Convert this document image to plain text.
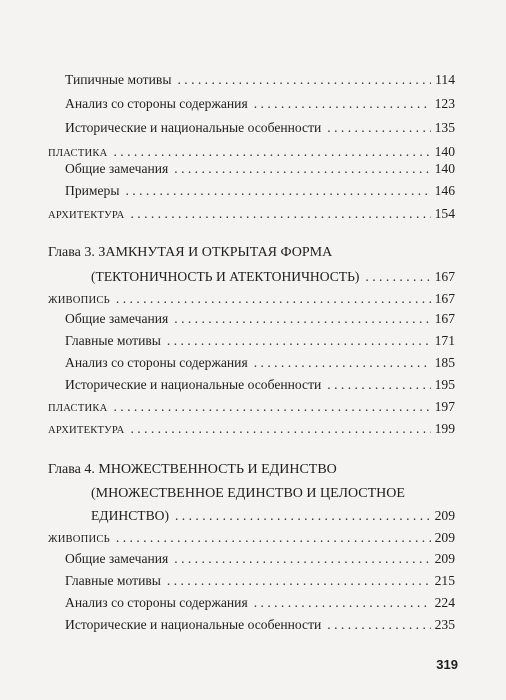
Типичные мотивы . . .	114
Анализ со стороны содержания . . .	123
Исторические и национальные особенности . . .	135
ПЛАСТИКА . . .	140
Общие замечания . . .	140
Примеры . . .	146
АРХИТЕКТУРА . . .	154
Глава 3. ЗАМКНУТАЯ И ОТКРЫТАЯ ФОРМА
(ТЕКТОНИЧНОСТЬ И АТЕКТОНИЧНОСТЬ) . . .	167
ЖИВОПИСЬ . . .	167
Общие замечания . . .	167
Главные мотивы . . .	171
Анализ со стороны содержания . . .	185
Исторические и национальные особенности . . .	195
ПЛАСТИКА . . .	197
АРХИТЕКТУРА . . .	199
Глава 4. МНОЖЕСТВЕННОСТЬ И ЕДИНСТВО
(МНОЖЕСТВЕННОЕ ЕДИНСТВО И ЦЕЛОСТНОЕ
ЕДИНСТВО) . . .	209
ЖИВОПИСЬ . . .	209
Общие замечания . . .	209
Главные мотивы . . .	215
Анализ со стороны содержания . . .	224
Исторические и национальные особенности . . .	235
319
